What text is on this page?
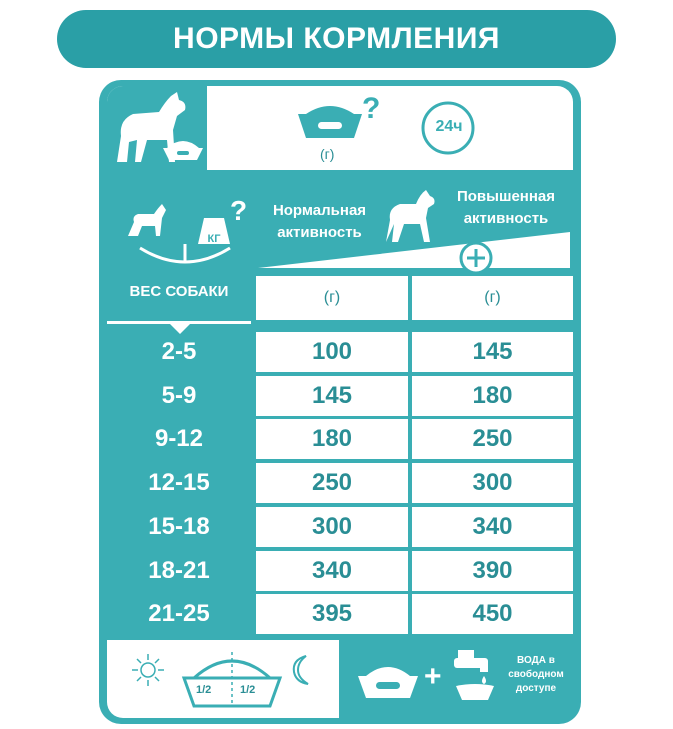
НОРМЫ КОРМЛЕНИЯ
?
(г)
24ч
?
КГ
Нормальная активность
Повышенная активность
ВЕС СОБАКИ	(г)	(г)
2-5	100	145
5-9	145	180
9-12	180	250
12-15	250	300
15-18	300	340
18-21	340	390
21-25	395	450
1/2	1/2	+	ВОДА в свободном доступе
